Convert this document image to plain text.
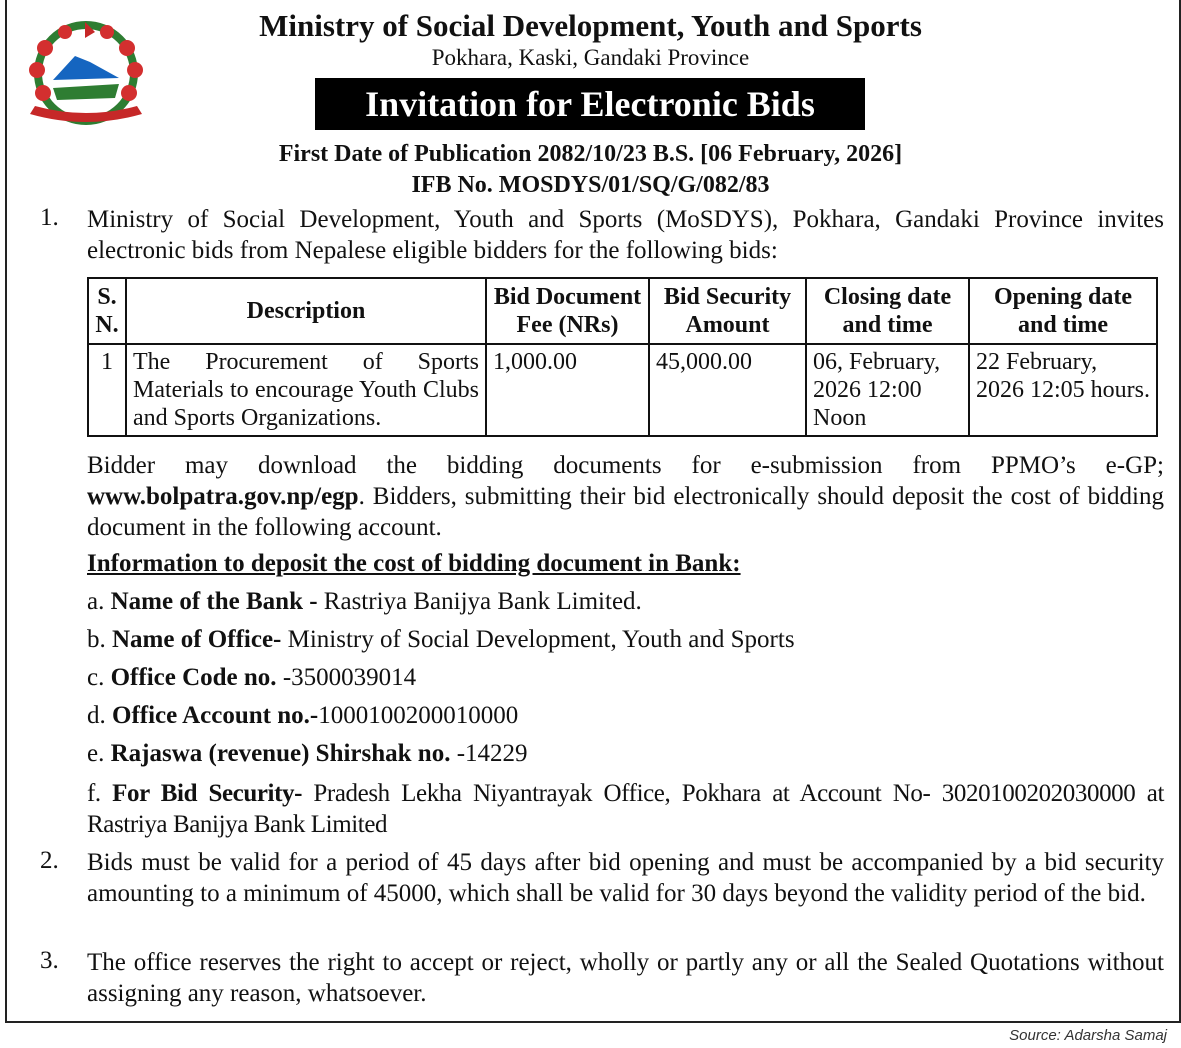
Ministry of Social Development, Youth and Sports
Pokhara, Kaski, Gandaki Province
Invitation for Electronic Bids
First Date of Publication 2082/10/23 B.S. [06 February, 2026]
IFB No. MOSDYS/01/SQ/G/082/83
1. Ministry of Social Development, Youth and Sports (MoSDYS), Pokhara, Gandaki Province invites electronic bids from Nepalese eligible bidders for the following bids:
S. N.	Description	Bid Document Fee (NRs)	Bid Security Amount	Closing date and time	Opening date and time
1	The Procurement of Sports Materials to encourage Youth Clubs and Sports Organizations.	1,000.00	45,000.00	06, February, 2026 12:00 Noon	22 February, 2026 12:05 hours.
Bidder may download the bidding documents for e-submission from PPMO’s e-GP; www.bolpatra.gov.np/egp. Bidders, submitting their bid electronically should deposit the cost of bidding document in the following account.
Information to deposit the cost of bidding document in Bank:
a. Name of the Bank - Rastriya Banijya Bank Limited.
b. Name of Office- Ministry of Social Development, Youth and Sports
c. Office Code no. -3500039014
d. Office Account no.-1000100200010000
e. Rajaswa (revenue) Shirshak no. -14229
f. For Bid Security- Pradesh Lekha Niyantrayak Office, Pokhara at Account No- 3020100202030000 at Rastriya Banijya Bank Limited
2. Bids must be valid for a period of 45 days after bid opening and must be accompanied by a bid security amounting to a minimum of 45000, which shall be valid for 30 days beyond the validity period of the bid.
3. The office reserves the right to accept or reject, wholly or partly any or all the Sealed Quotations without assigning any reason, whatsoever.
Source: Adarsha Samaj
